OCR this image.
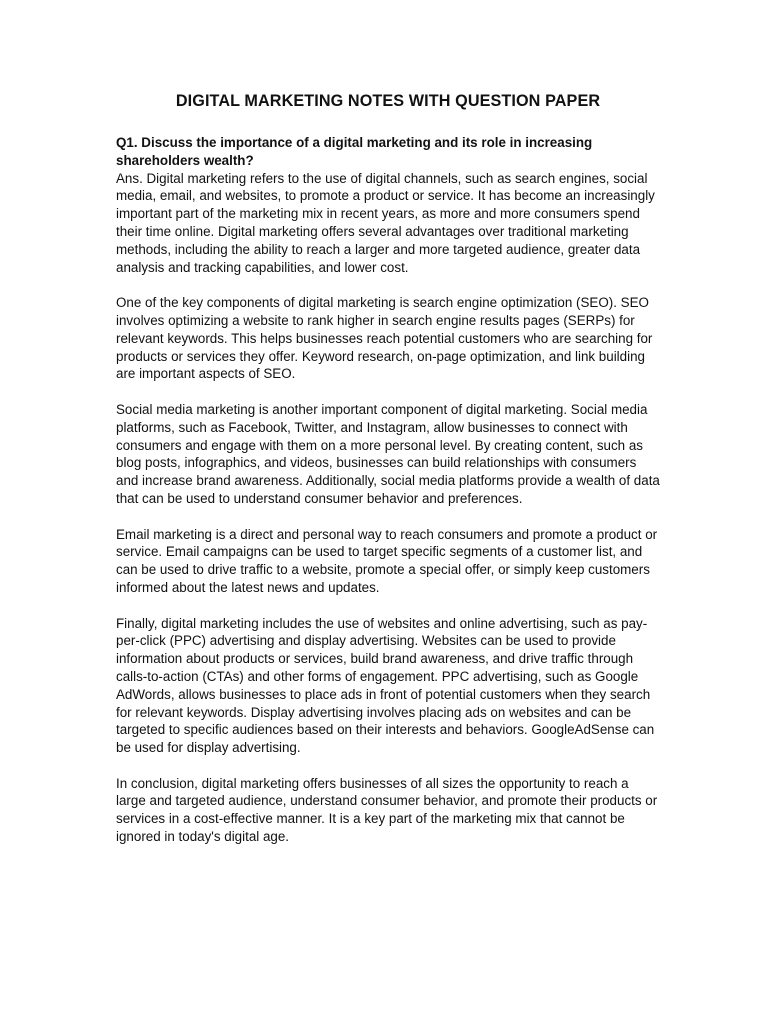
DIGITAL MARKETING NOTES WITH QUESTION PAPER

Q1. Discuss the importance of a digital marketing and its role in increasing shareholders wealth?

Ans. Digital marketing refers to the use of digital channels, such as search engines, social media, email, and websites, to promote a product or service. It has become an increasingly important part of the marketing mix in recent years, as more and more consumers spend their time online. Digital marketing offers several advantages over traditional marketing methods, including the ability to reach a larger and more targeted audience, greater data analysis and tracking capabilities, and lower cost.

One of the key components of digital marketing is search engine optimization (SEO). SEO involves optimizing a website to rank higher in search engine results pages (SERPs) for relevant keywords. This helps businesses reach potential customers who are searching for products or services they offer. Keyword research, on-page optimization, and link building are important aspects of SEO.

Social media marketing is another important component of digital marketing. Social media platforms, such as Facebook, Twitter, and Instagram, allow businesses to connect with consumers and engage with them on a more personal level. By creating content, such as blog posts, infographics, and videos, businesses can build relationships with consumers and increase brand awareness. Additionally, social media platforms provide a wealth of data that can be used to understand consumer behavior and preferences.

Email marketing is a direct and personal way to reach consumers and promote a product or service. Email campaigns can be used to target specific segments of a customer list, and can be used to drive traffic to a website, promote a special offer, or simply keep customers informed about the latest news and updates.

Finally, digital marketing includes the use of websites and online advertising, such as pay-per-click (PPC) advertising and display advertising. Websites can be used to provide information about products or services, build brand awareness, and drive traffic through calls-to-action (CTAs) and other forms of engagement. PPC advertising, such as Google AdWords, allows businesses to place ads in front of potential customers when they search for relevant keywords. Display advertising involves placing ads on websites and can be targeted to specific audiences based on their interests and behaviors. GoogleAdSense can be used for display advertising.

In conclusion, digital marketing offers businesses of all sizes the opportunity to reach a large and targeted audience, understand consumer behavior, and promote their products or services in a cost-effective manner. It is a key part of the marketing mix that cannot be ignored in today's digital age.
